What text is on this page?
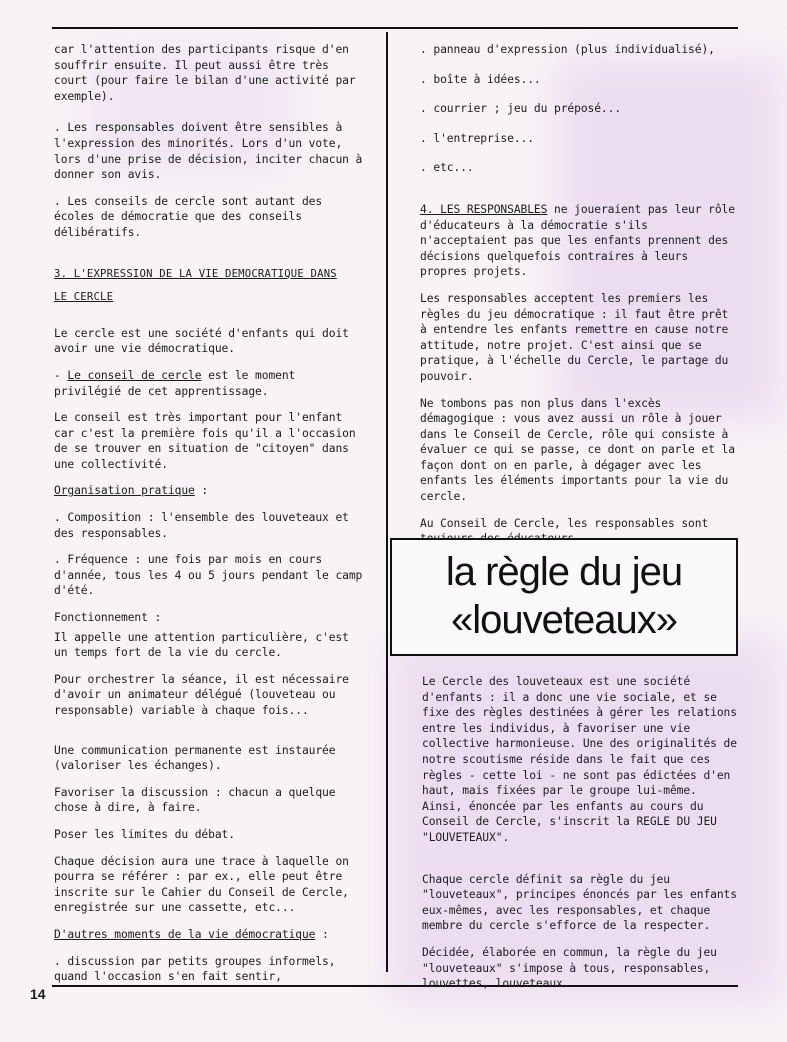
car l'attention des participants risque d'en souffrir ensuite. Il peut aussi être très court (pour faire le bilan d'une activité par exemple).

. Les responsables doivent être sensibles à l'expression des minorités. Lors d'un vote, lors d'une prise de décision, inciter chacun à donner son avis.

. Les conseils de cercle sont autant des écoles de démocratie que des conseils délibératifs.

3. L'EXPRESSION DE LA VIE DEMOCRATIQUE DANS
LE CERCLE

Le cercle est une société d'enfants qui doit avoir une vie démocratique.

- Le conseil de cercle est le moment privilégié de cet apprentissage.

Le conseil est très important pour l'enfant car c'est la première fois qu'il a l'occasion de se trouver en situation de "citoyen" dans une collectivité.

Organisation pratique :

. Composition : l'ensemble des louveteaux et des responsables.

. Fréquence : une fois par mois en cours d'année, tous les 4 ou 5 jours pendant le camp d'été.

Fonctionnement :

Il appelle une attention particulière, c'est un temps fort de la vie du cercle.

Pour orchestrer la séance, il est nécessaire d'avoir un animateur délégué (louveteau ou responsable) variable à chaque fois...

Une communication permanente est instaurée (valoriser les échanges).

Favoriser la discussion : chacun a quelque chose à dire, à faire.

Poser les limites du débat.

Chaque décision aura une trace à laquelle on pourra se référer : par ex., elle peut être inscrite sur le Cahier du Conseil de Cercle, enregistrée sur une cassette, etc...

D'autres moments de la vie démocratique :

. discussion par petits groupes informels, quand l'occasion s'en fait sentir,

. panneau d'expression (plus individualisé),

. boîte à idées...

. courrier ; jeu du préposé...

. l'entreprise...

. etc...

4. LES RESPONSABLES ne joueraient pas leur rôle d'éducateurs à la démocratie s'ils n'acceptaient pas que les enfants prennent des décisions quelquefois contraires à leurs propres projets.

Les responsables acceptent les premiers les règles du jeu démocratique : il faut être prêt à entendre les enfants remettre en cause notre attitude, notre projet. C'est ainsi que se pratique, à l'échelle du Cercle, le partage du pouvoir.

Ne tombons pas non plus dans l'excès démagogique : vous avez aussi un rôle à jouer dans le Conseil de Cercle, rôle qui consiste à évaluer ce qui se passe, ce dont on parle et la façon dont on en parle, à dégager avec les enfants les éléments importants pour la vie du cercle.

Au Conseil de Cercle, les responsables sont

la règle du jeu
«louveteaux»

Le Cercle des louveteaux est une société d'enfants : il a donc une vie sociale, et se fixe des règles destinées à gérer les relations entre les individus, à favoriser une vie collective harmonieuse. Une des originalités de notre scoutisme réside dans le fait que ces règles - cette loi - ne sont pas édictées d'en haut, mais fixées par le groupe lui-même. Ainsi, énoncée par les enfants au cours du Conseil de Cercle, s'inscrit la REGLE DU JEU "LOUVETEAUX".

Chaque cercle définit sa règle du jeu "louveteaux", principes énoncés par les enfants eux-mêmes, avec les responsables, et chaque membre du cercle s'efforce de la respecter.

Décidée, élaborée en commun, la règle du jeu "louveteaux" s'impose à tous, responsables, louvettes, louveteaux.

14
